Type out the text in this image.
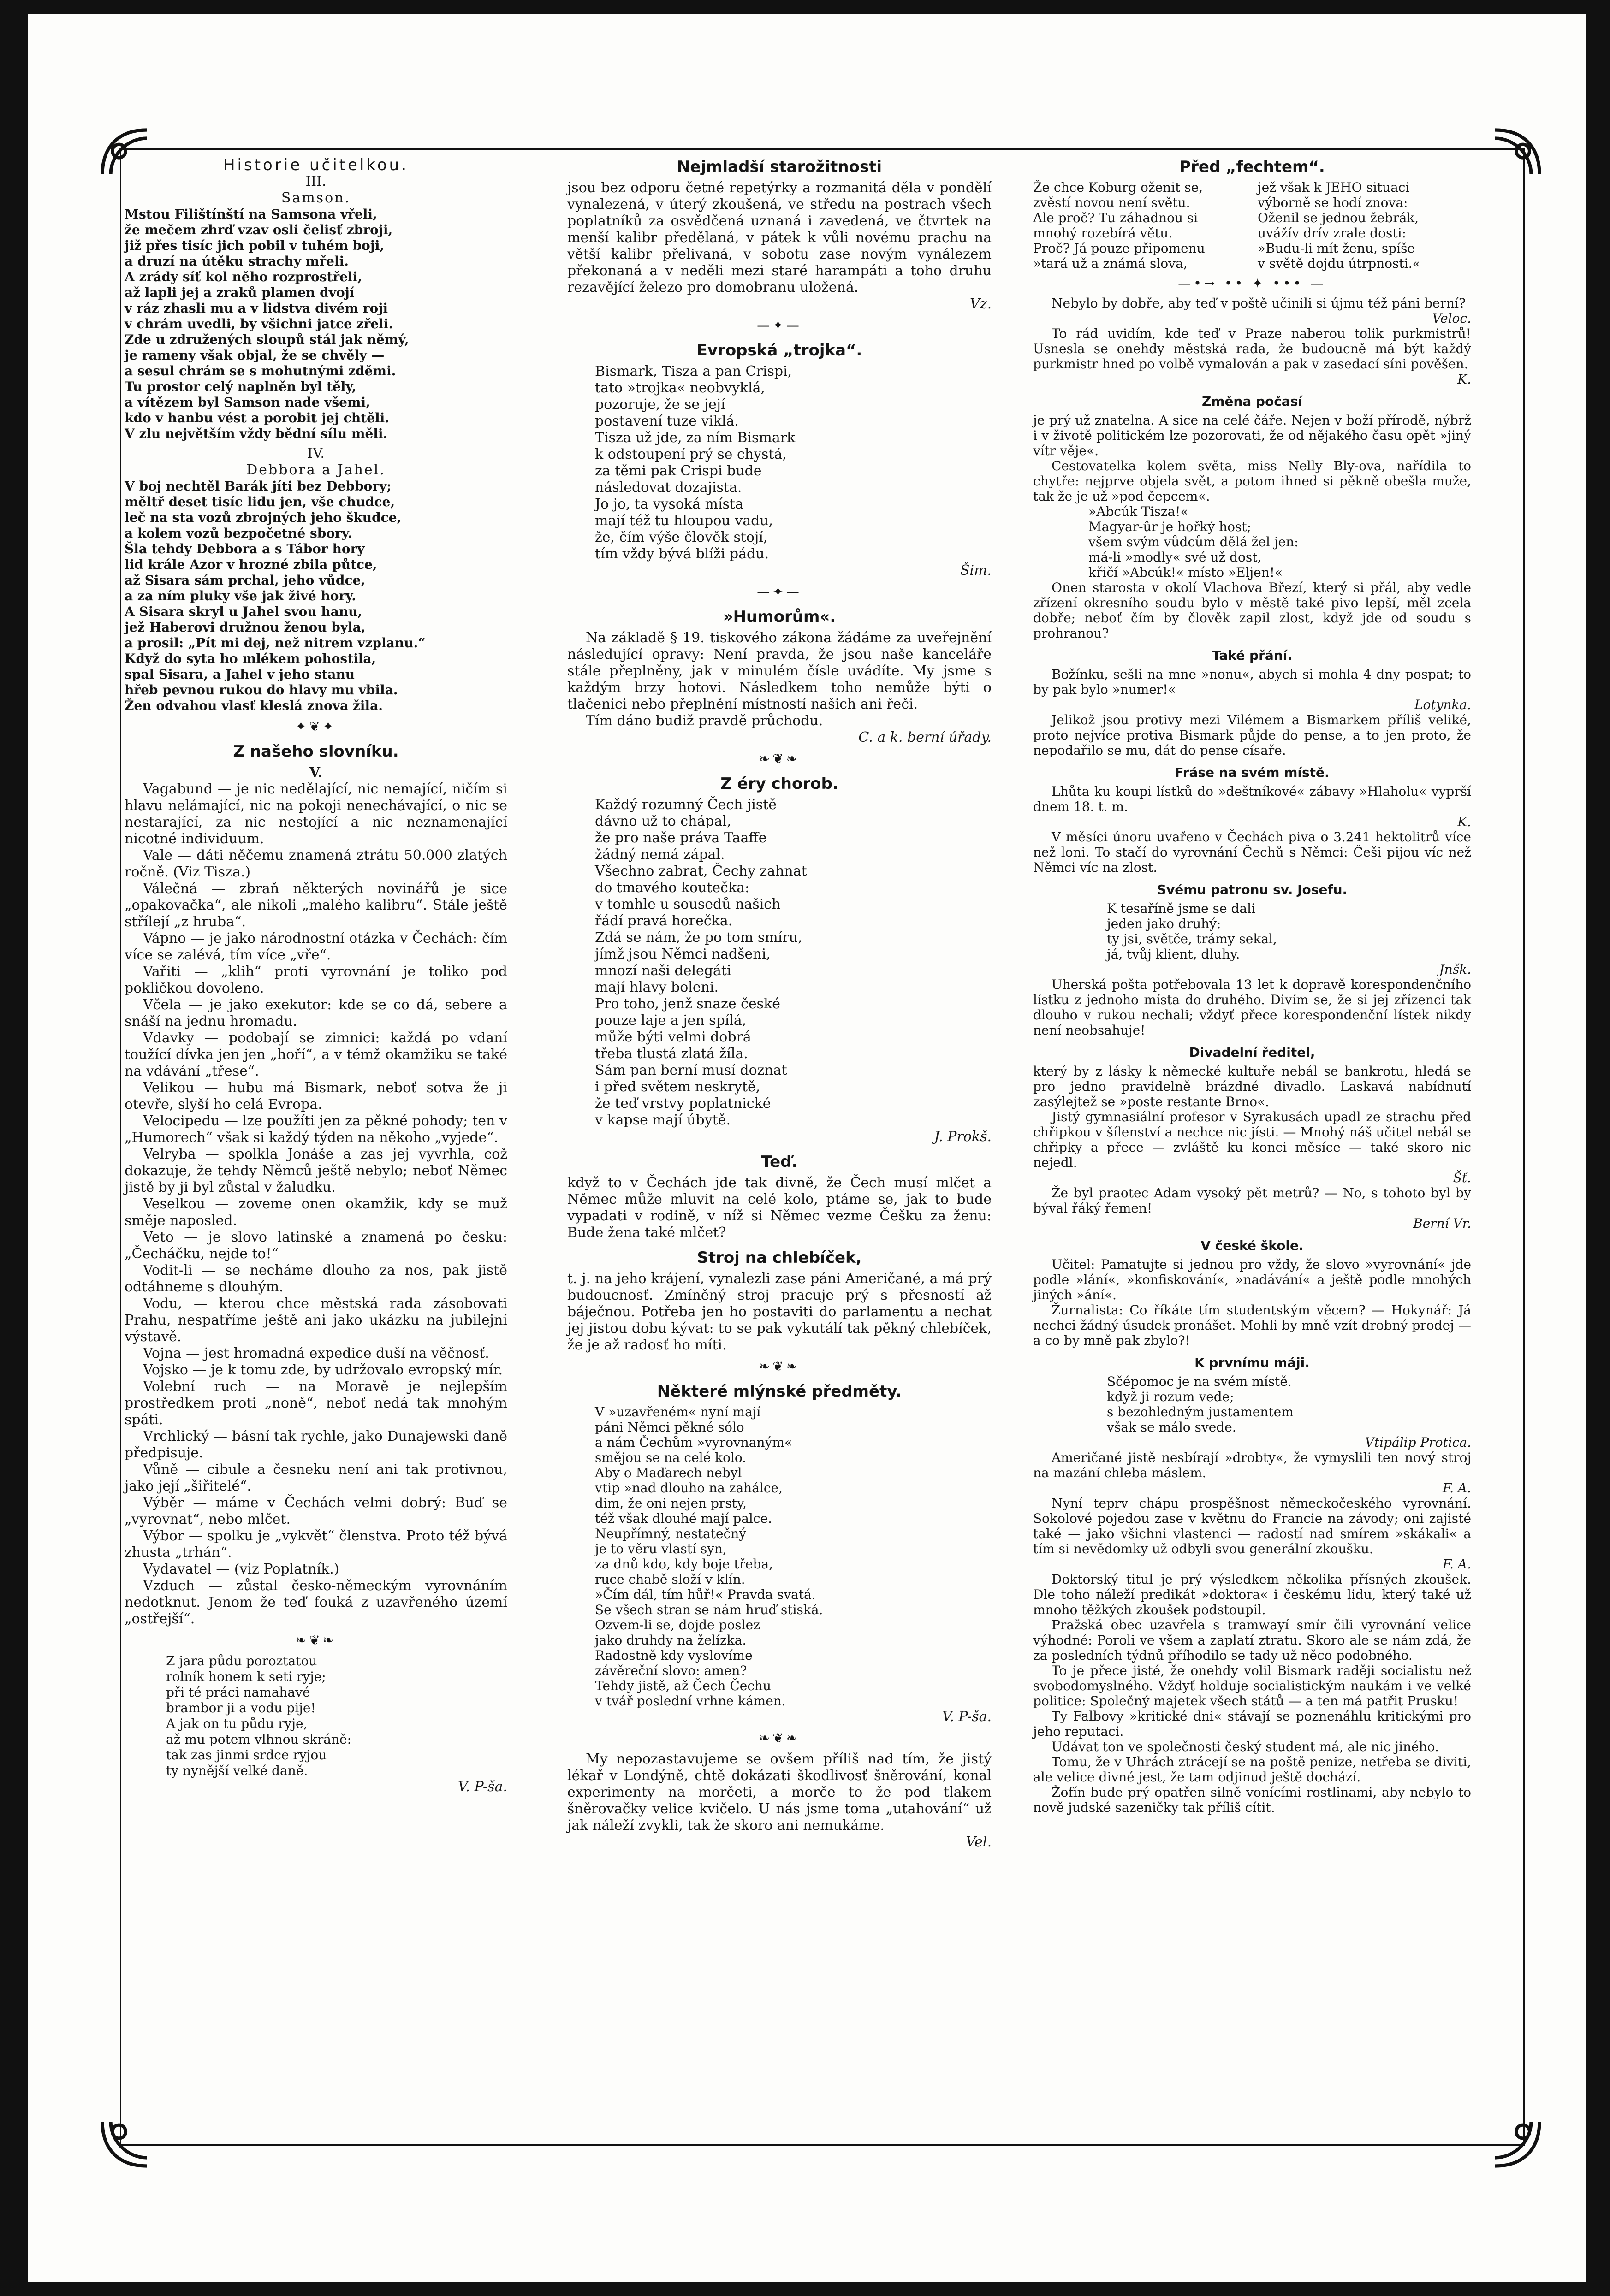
Historie učitelkou.
III.
Samson.
Mstou Filištínští na Samsona vřeli,
že mečem zhrď vzav osli čelisť zbroji,
již přes tisíc jich pobil v tuhém boji,
a druzí na útěku strachy mřeli.
A zrády síť kol něho rozprostřeli,
až lapli jej a zraků plamen dvojí
v ráz zhasli mu a v lidstva divém roji
v chrám uvedli, by všichni jatce zřeli.
Zde u združených sloupů stál jak němý,
je rameny však objal, že se chvěly —
a sesul chrám se s mohutnými zděmi.
Tu prostor celý naplněn byl těly,
a vítězem byl Samson nade všemi,
kdo v hanbu vést a porobit jej chtěli.
V zlu největším vždy bědní sílu měli.
IV.
Debbora a Jahel.
V boj nechtěl Barák jíti bez Debbory;
měltř deset tisíc lidu jen, vše chudce,
leč na sta vozů zbrojných jeho škudce,
a kolem vozů bezpočetné sbory.
Šla tehdy Debbora a s Tábor hory
lid krále Azor v hrozné zbila půtce,
až Sisara sám prchal, jeho vůdce,
a za ním pluky vše jak živé hory.
A Sisara skryl u Jahel svou hanu,
jež Haberovi družnou ženou byla,
a prosil: „Pít mi dej, než nitrem vzplanu.“
Když do syta ho mlékem pohostila,
spal Sisara, a Jahel v jeho stanu
hřeb pevnou rukou do hlavy mu vbila.
Žen odvahou vlasť kleslá znova žila.
✦❦✦
Z našeho slovníku.
V.
Vagabund — je nic nedělající, nic nemající, ničím si hlavu nelámající, nic na pokoji nenechávající, o nic se nestarající, za nic nestojící a nic neznamenající nicotné individuum.
Vale — dáti něčemu znamená ztrátu 50.000 zlatých ročně. (Viz Tisza.)
Válečná — zbraň některých novinářů je sice „opakovačka“, ale nikoli „malého kalibru“. Stále ještě střílejí „z hruba“.
Vápno — je jako národnostní otázka v Čechách: čím více se zalévá, tím více „vře“.
Vařiti — „klih“ proti vyrovnání je toliko pod pokličkou dovoleno.
Včela — je jako exekutor: kde se co dá, sebere a snáší na jednu hromadu.
Vdavky — podobají se zimnici: každá po vdaní toužící dívka jen jen „hoří“, a v témž okamžiku se také na vdávání „třese“.
Velikou — hubu má Bismark, neboť sotva že ji otevře, slyší ho celá Evropa.
Velocipedu — lze použíti jen za pěkné pohody; ten v „Humorech“ však si každý týden na někoho „vyjede“.
Velryba — spolkla Jonáše a zas jej vyvrhla, což dokazuje, že tehdy Němců ještě nebylo; neboť Němec jistě by ji byl zůstal v žaludku.
Veselkou — zoveme onen okamžik, kdy se muž směje naposled.
Veto — je slovo latinské a znamená po česku: „Čecháčku, nejde to!“
Vodit-li — se necháme dlouho za nos, pak jistě odtáhneme s dlouhým.
Vodu, — kterou chce městská rada zásobovati Prahu, nespatříme ještě ani jako ukázku na jubilejní výstavě.
Vojna — jest hromadná expedice duší na věčnosť.
Vojsko — je k tomu zde, by udržovalo evropský mír.
Volební ruch — na Moravě je nejlepším prostředkem proti „noně“, neboť nedá tak mnohým spáti.
Vrchlický — básní tak rychle, jako Dunajewski daně předpisuje.
Vůně — cibule a česneku není ani tak protivnou, jako její „šiřitelé“.
Výběr — máme v Čechách velmi dobrý: Buď se „vyrovnat“, nebo mlčet.
Výbor — spolku je „vykvět“ členstva. Proto též bývá zhusta „trhán“.
Vydavatel — (viz Poplatník.)
Vzduch — zůstal česko-německým vyrovnáním nedotknut. Jenom že teď fouká z uzavřeného území „ostřejší“.
❧❦❧
Z jara půdu poroztatou
rolník honem k seti ryje;
při té práci namahavé
brambor ji a vodu pije!
A jak on tu půdu ryje,
až mu potem vlhnou skráně:
tak zas jinmi srdce ryjou
ty nynější velké daně.
V. P-ša.
Nejmladší starožitnosti

jsou bez odporu četné repetýrky a rozmanitá děla v pondělí vynalezená, v úterý zkoušená, ve středu na postrach všech poplatníků za osvědčená uznaná i zavedená, ve čtvrtek na menší kalibr předělaná, v pátek k vůli novému prachu na větší kalibr přelivaná, v sobotu zase novým vynálezem překonaná a v neděli mezi staré harampáti a toho druhu rezavějící železo pro domobranu uložená.

Vz.
—✦—
Evropská „trojka“.
Bismark, Tisza a pan Crispi,
tato »trojka« neobvyklá,
pozoruje, že se její
postavení tuze viklá.
Tisza už jde, za ním Bismark
k odstoupení prý se chystá,
za těmi pak Crispi bude
následovat dozajista.
Jo jo, ta vysoká místa
mají též tu hloupou vadu,
že, čím výše člověk stojí,
tím vždy bývá blíži pádu.
Šim.
—✦—
»Humorům«.

Na základě § 19. tiskového zákona žádáme za uveřejnění následující opravy: Není pravda, že jsou naše kanceláře stále přeplněny, jak v minulém čísle uvádíte. My jsme s každým brzy hotovi. Následkem toho nemůže býti o tlačenici nebo přeplnění místností našich ani řeči.

Tím dáno budiž pravdě průchodu.

C. a k. berní úřady.
❧❦❧
Z éry chorob.
Každý rozumný Čech jistě
dávno už to chápal,
že pro naše práva Taaffe
žádný nemá zápal.
Všechno zabrat, Čechy zahnat
do tmavého koutečka:
v tomhle u sousedů našich
řádí pravá horečka.
Zdá se nám, že po tom smíru,
jímž jsou Němci nadšeni,
mnozí naši delegáti
mají hlavy boleni.
Pro toho, jenž snaze české
pouze laje a jen spílá,
může býti velmi dobrá
třeba tlustá zlatá žíla.
Sám pan berní musí doznat
i před světem neskrytě,
že teď vrstvy poplatnické
v kapse mají úbytě.
J. Prokš.
Teď.

když to v Čechách jde tak divně, že Čech musí mlčet a Němec může mluvit na celé kolo, ptáme se, jak to bude vypadati v rodině, v níž si Němec vezme Češku za ženu: Bude žena také mlčet?

Stroj na chlebíček,

t. j. na jeho krájení, vynalezli zase páni Američané, a má prý budoucnosť. Zmíněný stroj pracuje prý s přesností až báječnou. Potřeba jen ho postaviti do parlamentu a nechat jej jistou dobu kývat: to se pak vykutálí tak pěkný chlebíček, že je až radosť ho míti.

❧❦❧
Některé mlýnské předměty.
V »uzavřeném« nyní mají
páni Němci pěkné sólo
a nám Čechům »vyrovnaným«
smějou se na celé kolo.
Aby o Maďarech nebyl
vtip »nad dlouho na zahálce,
dim, že oni nejen prsty,
též však dlouhé mají palce.
Neupřímný, nestatečný
je to věru vlastí syn,
za dnů kdo, kdy boje třeba,
ruce chabě složí v klín.
»Čím dál, tím hůř!« Pravda svatá.
Se všech stran se nám hruď stiská.
Ozvem-li se, dojde poslez
jako druhdy na želízka.
Radostně kdy vyslovíme
závěreční slovo: amen?
Tehdy jistě, až Čech Čechu
v tvář poslední vrhne kámen.
V. P-ša.
❧❦❧

My nepozastavujeme se ovšem příliš nad tím, že jistý lékař v Londýně, chtě dokázati škodlivosť šněrování, konal experimenty na morčeti, a morče to že pod tlakem šněrovačky velice kvičelo. U nás jsme toma „utahování“ už jak náleží zvykli, tak že skoro ani nemukáme.

Vel.
Před „fechtem“.
Že chce Koburg oženit se,
zvěstí novou není světu.
Ale proč? Tu záhadnou si
mnohý rozebírá větu.
Proč? Já pouze připomenu
»tará už a známá slova,
jež však k JEHO situaci
výborně se hodí znova:
Oženil se jednou žebrák,
uvážív drív zrale dosti:
»Budu-li mít ženu, spíše
v světě dojdu útrpnosti.«
—•→ •• ✦ ••• —

Nebylo by dobře, aby teď v poště učinili si újmu též páni berní?

Veloc.

To rád uvidím, kde teď v Praze naberou tolik purkmistrů! Usnesla se onehdy městská rada, že budoucně má být každý purkmistr hned po volbě vymalován a pak v zasedací síni pověšen.

K.
Změna počasí

je prý už znatelna. A sice na celé čáře. Nejen v boží přírodě, nýbrž i v životě politickém lze pozorovati, že od nějakého času opět »jiný vítr věje«.

Cestovatelka kolem světa, miss Nelly Bly-ova, nařídila to chytře: nejprve objela svět, a potom ihned si pěkně obešla muže, tak že je už »pod čepcem«.

»Abcúk Tisza!«
Magyar-ûr je hořký host;
všem svým vůdcům dělá žel jen:
má-li »modly« své už dost,
křičí »Abcúk!« místo »Eljen!«

Onen starosta v okolí Vlachova Březí, který si přál, aby vedle zřízení okresního soudu bylo v městě také pivo lepší, měl zcela dobře; neboť čím by člověk zapil zlost, když jde od soudu s prohranou?

Také přání.

Božínku, sešli na mne »nonu«, abych si mohla 4 dny pospat; to by pak bylo »numer!«

Lotynka.

Jelikož jsou protivy mezi Vilémem a Bismarkem příliš veliké, proto nejvíce protiva Bismark půjde do pense, a to jen proto, že nepodařilo se mu, dát do pense císaře.

Fráse na svém místě.

Lhůta ku koupi lístků do »deštníkové« zábavy »Hlaholu« vyprší dnem 18. t. m.

K.

V měsíci únoru uvařeno v Čechách piva o 3.241 hektolitrů více než loni. To stačí do vyrovnání Čechů s Němci: Češi pijou víc než Němci víc na zlost.

Svému patronu sv. Josefu.
K tesaříně jsme se dali
jeden jako druhý:
ty jsi, světče, trámy sekal,
já, tvůj klient, dluhy.
Jnšk.

Uherská pošta potřebovala 13 let k dopravě korespondenčního lístku z jednoho místa do druhého. Divím se, že si jej zřízenci tak dlouho v rukou nechali; vždyť přece korespondenční lístek nikdy není neobsahuje!

Divadelní ředitel,

který by z lásky k německé kultuře nebál se bankrotu, hledá se pro jedno pravidelně brázdné divadlo. Laskavá nabídnutí zasýlejtež se »poste restante Brno«.

Jistý gymnasiální profesor v Syrakusách upadl ze strachu před chřipkou v šílenství a nechce nic jísti. — Mnohý náš učitel nebál se chřipky a přece — zvláště ku konci měsíce — také skoro nic nejedl.

Šť.

Že byl praotec Adam vysoký pět metrů? — No, s tohoto byl by býval řáký řemen!

Berní Vr.
V české škole.

Učitel: Pamatujte si jednou pro vždy, že slovo »vyrovnání« jde podle »lání«, »konfiskování«, »nadávání« a ještě podle mnohých jiných »ání«.

Žurnalista: Co říkáte tím studentským věcem? — Hokynář: Já nechci žádný úsudek pronášet. Mohli by mně vzít drobný prodej — a co by mně pak zbylo?!

K prvnímu máji.
Sčépomoc je na svém místě.
když ji rozum vede;
s bezohledným justamentem
však se málo svede.
Vtipálip Protica.

Američané jistě nesbírají »drobty«, že vymyslili ten nový stroj na mazání chleba máslem.

F. A.

Nyní teprv chápu prospěšnost německočeského vyrovnání. Sokolové pojedou zase v květnu do Francie na závody; oni zajisté také — jako všichni vlastenci — radostí nad smírem »skákali« a tím si nevědomky už odbyli svou generální zkoušku.

F. A.

Doktorský titul je prý výsledkem několika přísných zkoušek. Dle toho náleží predikát »doktora« i českému lidu, který také už mnoho těžkých zkoušek podstoupil.

Pražská obec uzavřela s tramwayí smír čili vyrovnání velice výhodné: Poroli ve všem a zaplatí ztratu. Skoro ale se nám zdá, že za posledních týdnů příhodilo se tady už něco podobného.

To je přece jisté, že onehdy volil Bismark raději socialistu než svobodomyslného. Vždyť holduje socialistickým naukám i ve velké politice: Společný majetek všech států — a ten má patřit Prusku!

Ty Falbovy »kritické dni« stávají se poznenáhlu kritickými pro jeho reputaci.

Udávat ton ve společnosti český student má, ale nic jiného.

Tomu, že v Uhrách ztrácejí se na poště penize, netřeba se diviti, ale velice divné jest, že tam odjinud ještě dochází.

Žofín bude prý opatřen silně vonícími rostlinami, aby nebylo to nově judské sazeničky tak příliš cítit.
